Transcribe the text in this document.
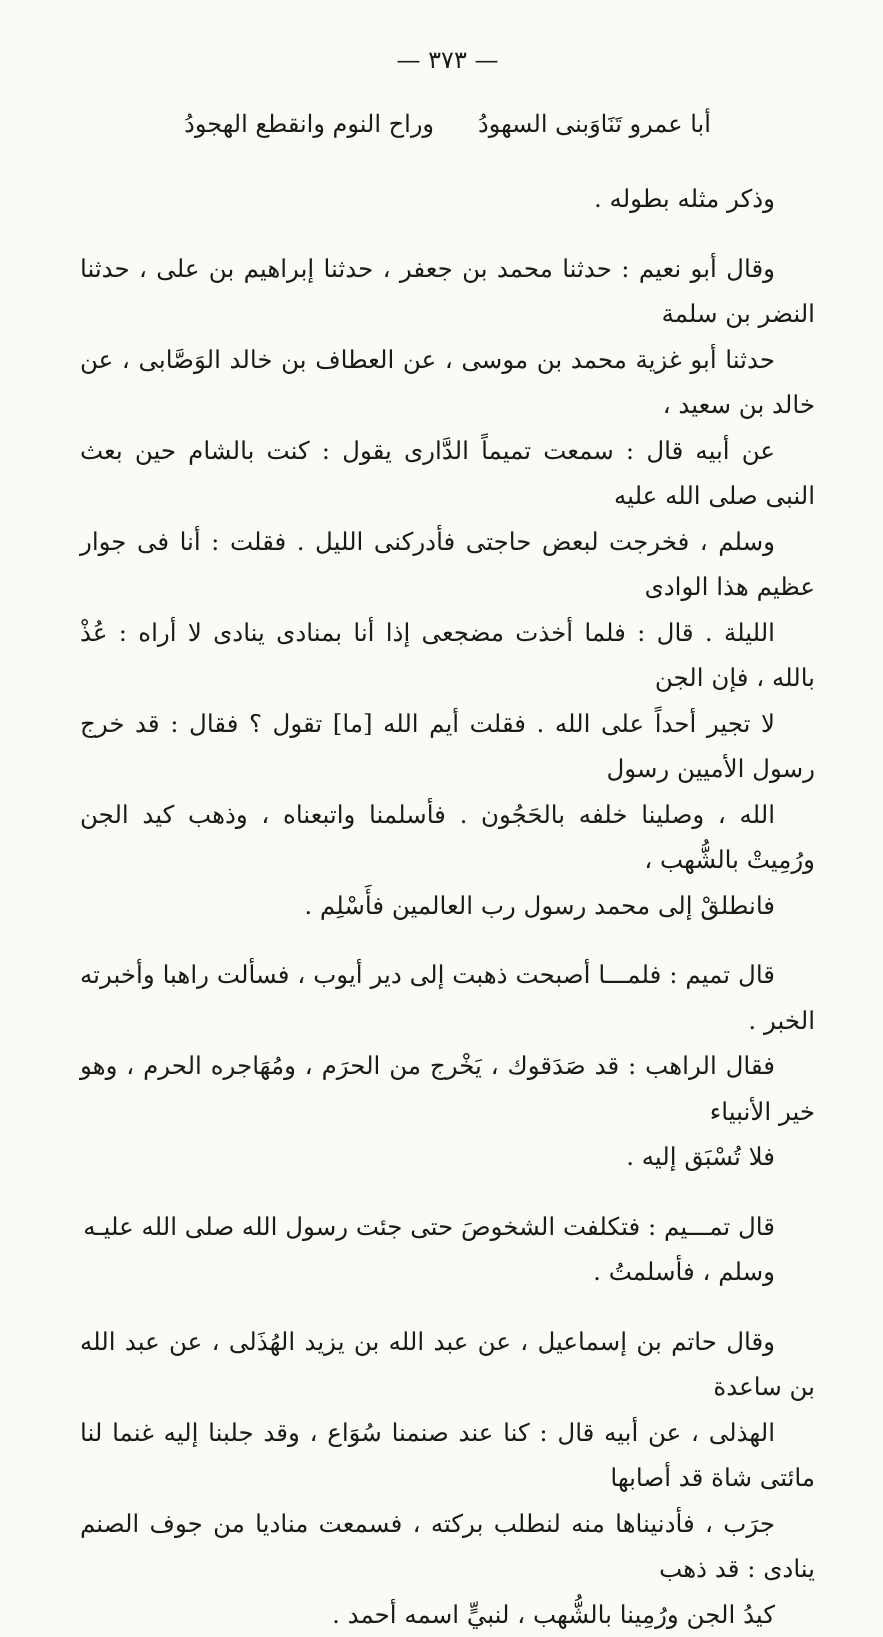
— ٣٧٣ —
أبا عمرو تَنَاوَبنى السهودُ
وراح النوم وانقطع الهجودُ

وذكر مثله بطوله .

وقال أبو نعيم : حدثنا محمد بن جعفر ، حدثنا إبراهيم بن على ، حدثنا النضر بن سلمة
حدثنا أبو غزية محمد بن موسى ، عن العطاف بن خالد الوَصَّابى ، عن خالد بن سعيد ،
عن أبيه قال : سمعت تميماً الدَّارى يقول : كنت بالشام حين بعث النبى صلى الله عليه
وسلم ، فخرجت لبعض حاجتى فأدركنى الليل . فقلت : أنا فى جوار عظيم هذا الوادى
الليلة . قال : فلما أخذت مضجعى إذا أنا بمنادى ينادى لا أراه : عُذْ بالله ، فإن الجن
لا تجير أحداً على الله . فقلت أيم الله [ما] تقول ؟ فقال : قد خرج رسول الأميين رسول
الله ، وصلينا خلفه بالحَجُون . فأسلمنا واتبعناه ، وذهب كيد الجن ورُمِيتْ بالشُّهب ،
فانطلقْ إلى محمد رسول رب العالمين فأَسْلِم .

قال تميم : فلمـــا أصبحت ذهبت إلى دير أيوب ، فسألت راهبا وأخبرته الخبر .
فقال الراهب : قد صَدَقوك ، يَخْرج من الحرَم ، ومُهَاجره الحرم ، وهو خير الأنبياء
فلا تُسْبَق إليه .

قال تمـــيم : فتكلفت الشخوصَ حتى جئت رسول الله صلى الله عليـه
وسلم ، فأسلمتُ .

وقال حاتم بن إسماعيل ، عن عبد الله بن يزيد الهُذَلى ، عن عبد الله بن ساعدة
الهذلى ، عن أبيه قال : كنا عند صنمنا سُوَاع ، وقد جلبنا إليه غنما لنا مائتى شاة قد أصابها
جرَب ، فأدنيناها منه لنطلب بركته ، فسمعت مناديا من جوف الصنم ينادى : قد ذهب
كيدُ الجن ورُمِينا بالشُّهب ، لنبيٍّ اسمه أحمد .
